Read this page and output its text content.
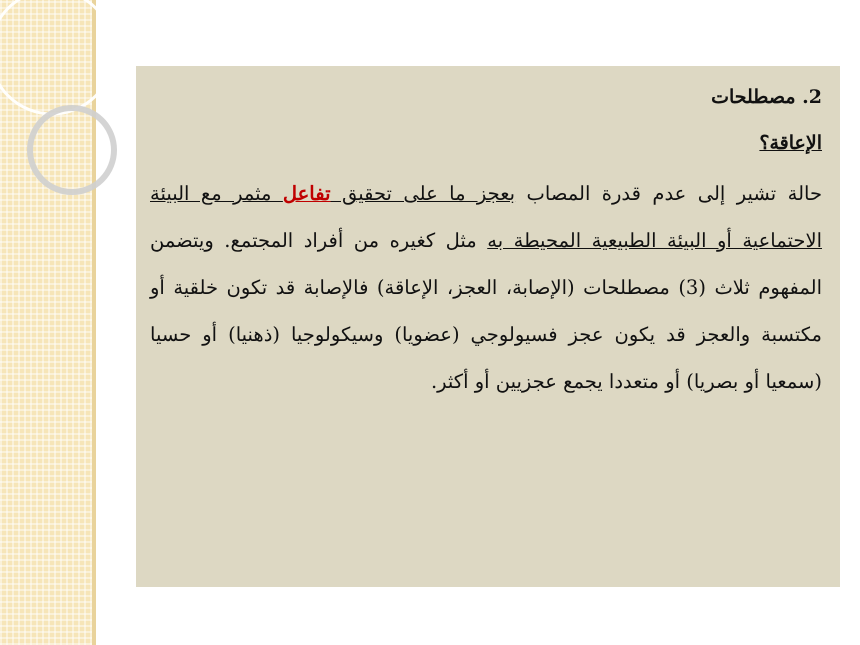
2. مصطلحات
الإعاقة؟

حالة تشير إلى عدم قدرة المصاب بعجز ما على تحقيق تفاعل مثمر مع البيئة الاحتماعية أو البيئة الطبيعية المحيطة به مثل كغيره من أفراد المجتمع. ويتضمن المفهوم ثلاث (3) مصطلحات (الإصابة، العجز، الإعاقة) فالإصابة قد تكون خلقية أو مكتسبة والعجز قد يكون عجز فسيولوجي (عضويا) وسيكولوجيا (ذهنيا) أو حسيا (سمعيا أو بصريا) أو متعددا يجمع عجزيين أو أكثر.
